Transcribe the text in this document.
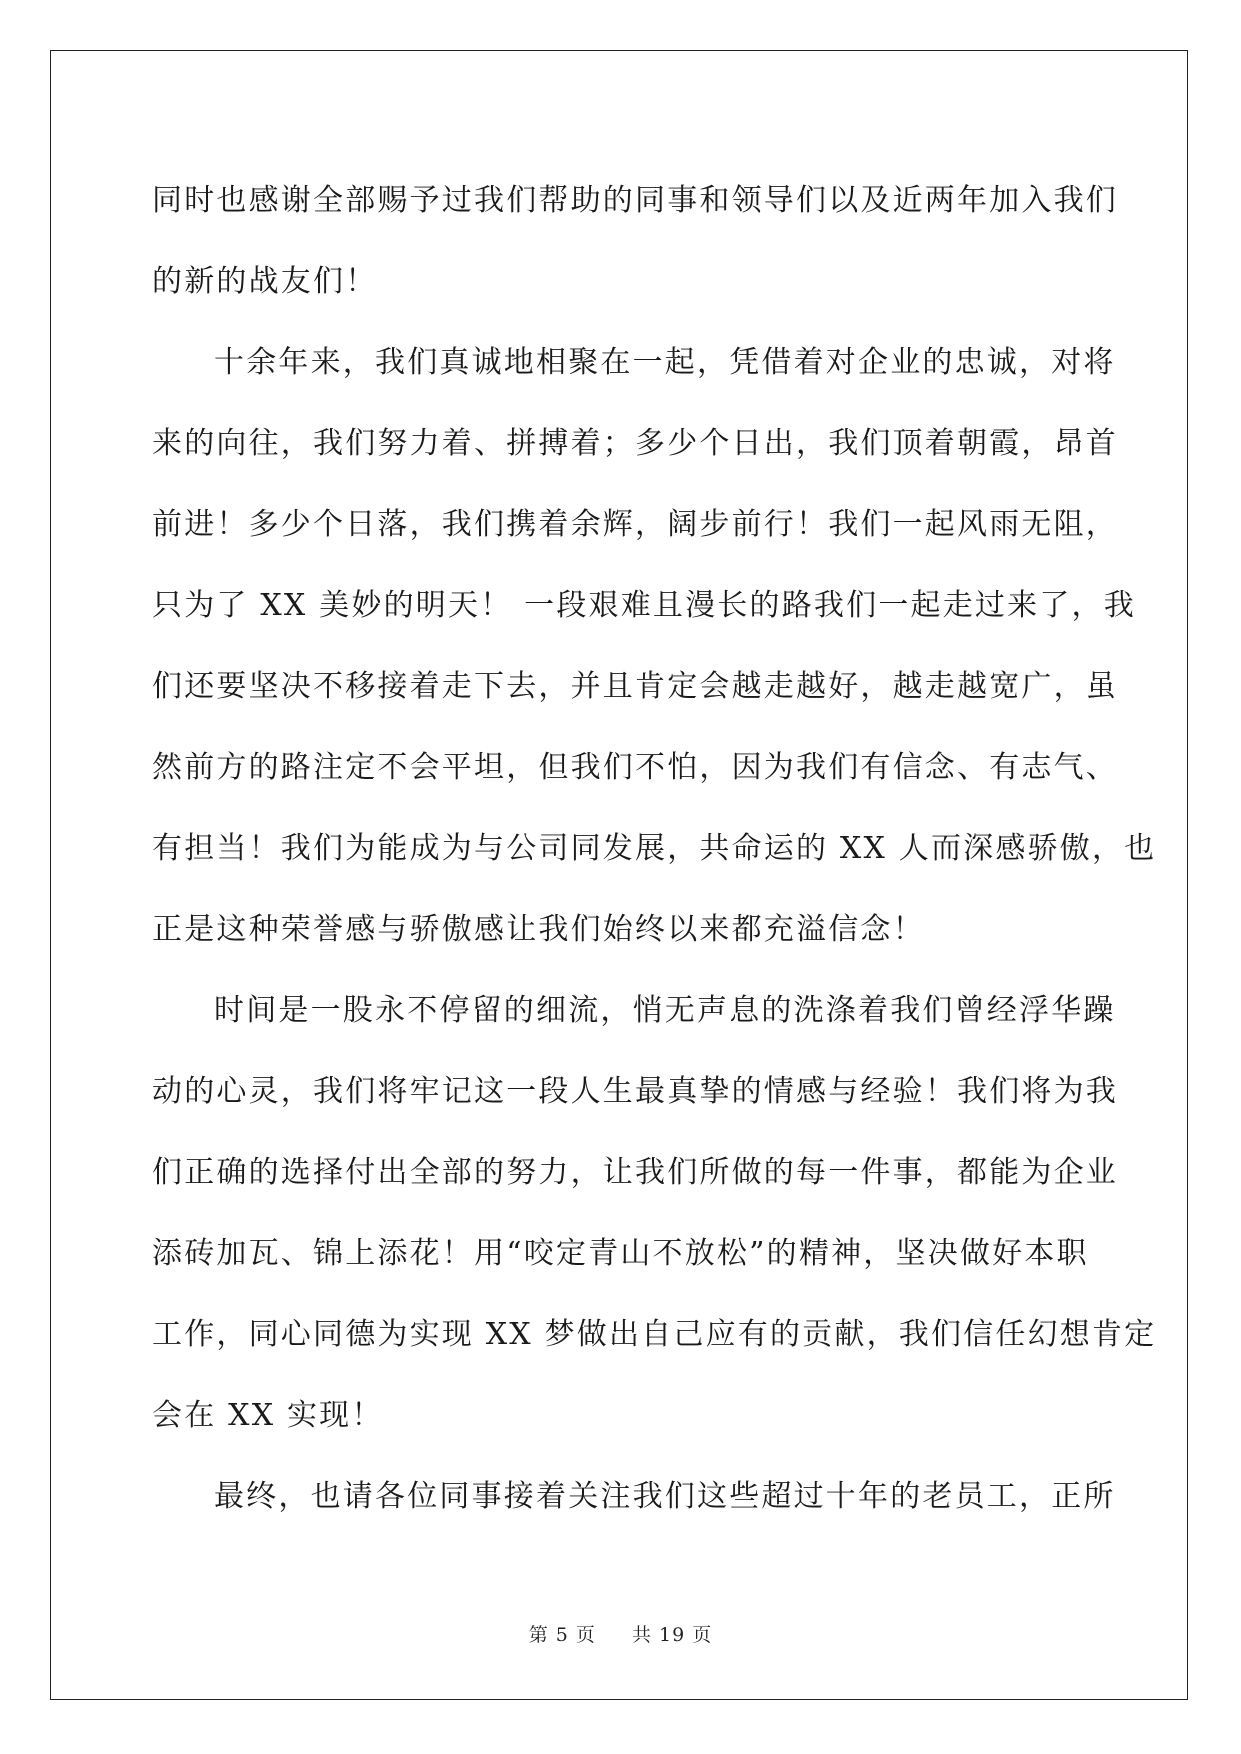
同时也感谢全部赐予过我们帮助的同事和领导们以及近两年加入我们
的新的战友们！

十余年来，我们真诚地相聚在一起，凭借着对企业的忠诚，对将
来的向往，我们努力着、拼搏着；多少个日出，我们顶着朝霞，昂首
前进！多少个日落，我们携着余辉，阔步前行！我们一起风雨无阻，
只为了 XX 美妙的明天！ 一段艰难且漫长的路我们一起走过来了，我
们还要坚决不移接着走下去，并且肯定会越走越好，越走越宽广，虽
然前方的路注定不会平坦，但我们不怕，因为我们有信念、有志气、
有担当！我们为能成为与公司同发展，共命运的 XX 人而深感骄傲，也
正是这种荣誉感与骄傲感让我们始终以来都充溢信念！

时间是一股永不停留的细流，悄无声息的洗涤着我们曾经浮华躁
动的心灵，我们将牢记这一段人生最真挚的情感与经验！我们将为我
们正确的选择付出全部的努力，让我们所做的每一件事，都能为企业
添砖加瓦、锦上添花！用“咬定青山不放松”的精神，坚决做好本职
工作，同心同德为实现 XX 梦做出自己应有的贡献，我们信任幻想肯定
会在 XX 实现！

最终，也请各位同事接着关注我们这些超过十年的老员工，正所

第 5 页 共 19 页
